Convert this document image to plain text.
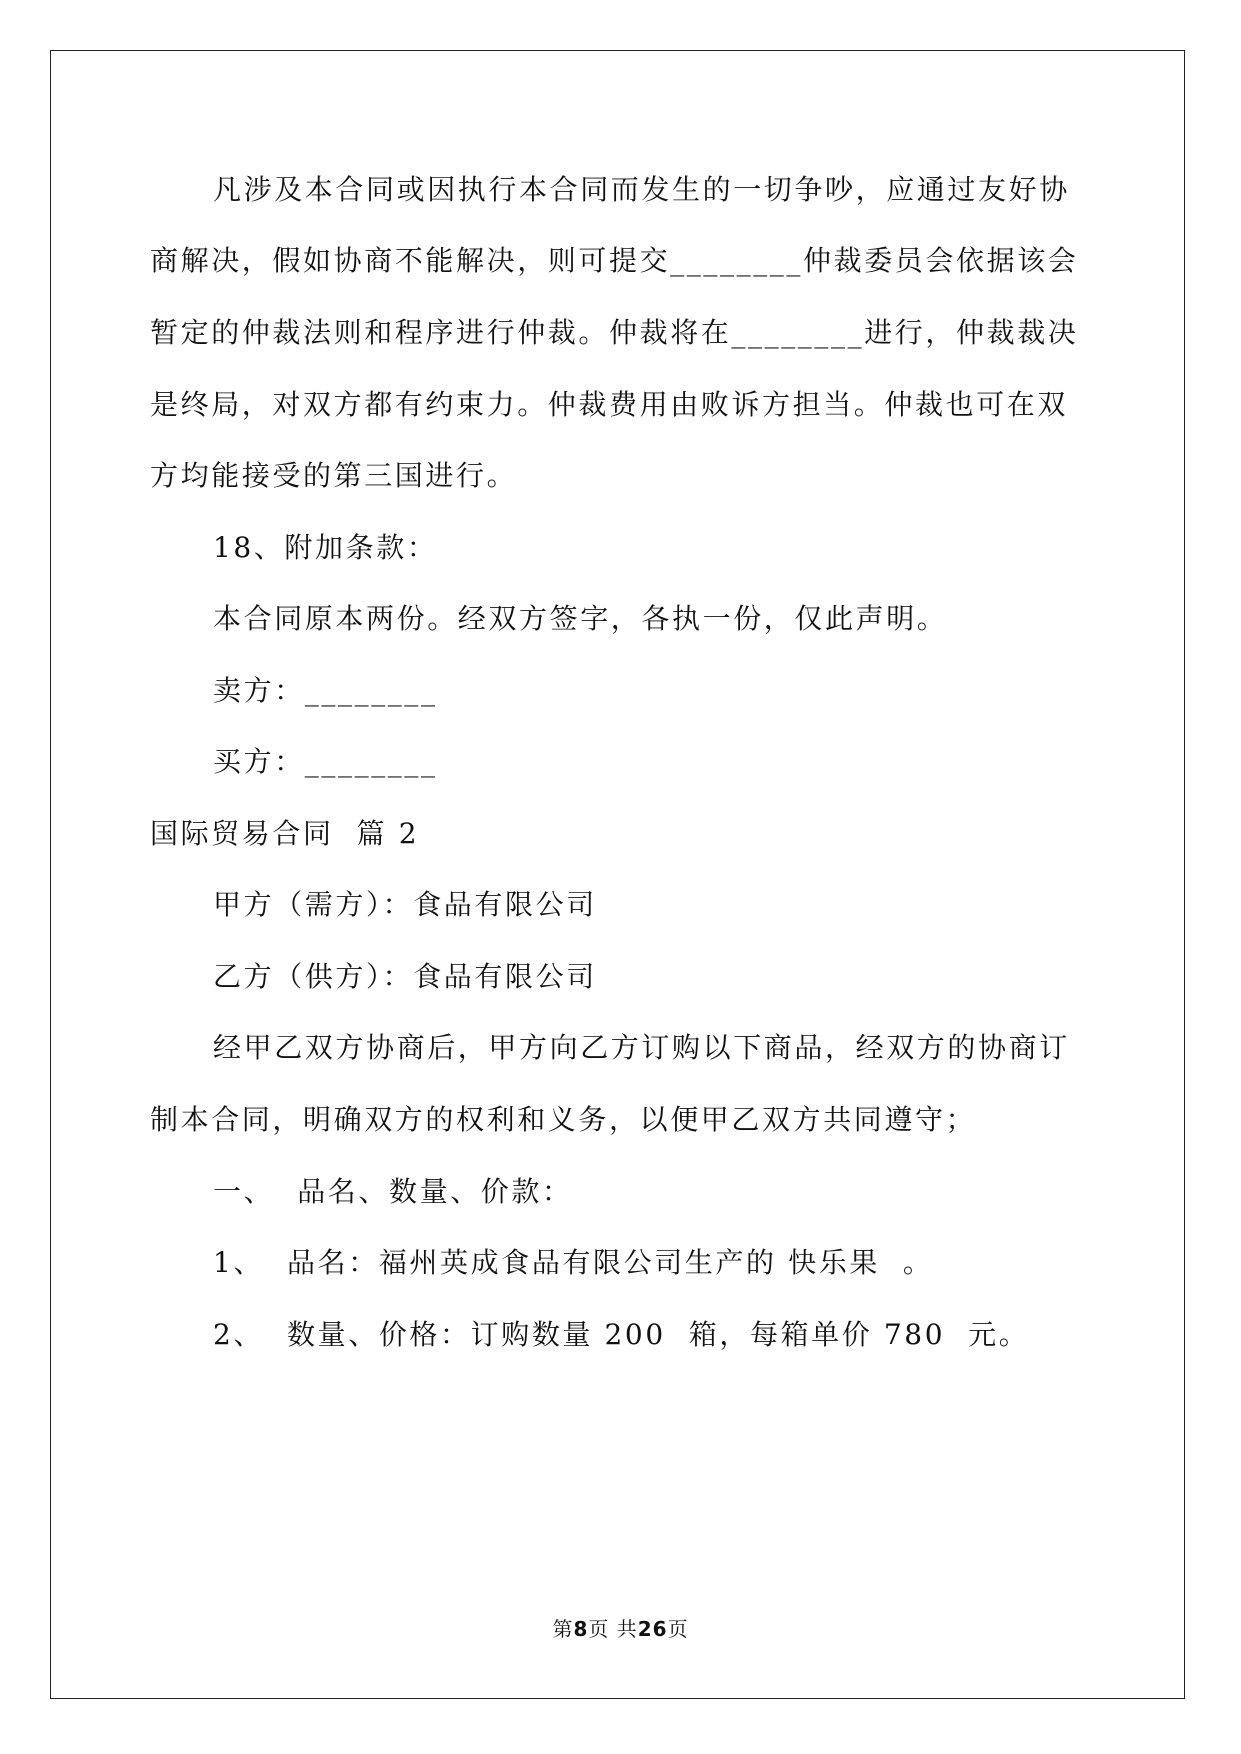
凡涉及本合同或因执行本合同而发生的一切争吵，应通过友好协
商解决，假如协商不能解决，则可提交________仲裁委员会依据该会
暂定的仲裁法则和程序进行仲裁。仲裁将在________进行，仲裁裁决
是终局，对双方都有约束力。仲裁费用由败诉方担当。仲裁也可在双
方均能接受的第三国进行。
18、附加条款：
本合同原本两份。经双方签字，各执一份，仅此声明。
卖方：________
买方：________
国际贸易合同  篇 2
甲方（需方）：食品有限公司
乙方（供方）：食品有限公司
经甲乙双方协商后，甲方向乙方订购以下商品，经双方的协商订
制本合同，明确双方的权利和义务，以便甲乙双方共同遵守；
一、  品名、数量、价款：
1、  品名：福州英成食品有限公司生产的 快乐果  。
2、  数量、价格：订购数量 200  箱，每箱单价 780  元。
第8页 共26页
